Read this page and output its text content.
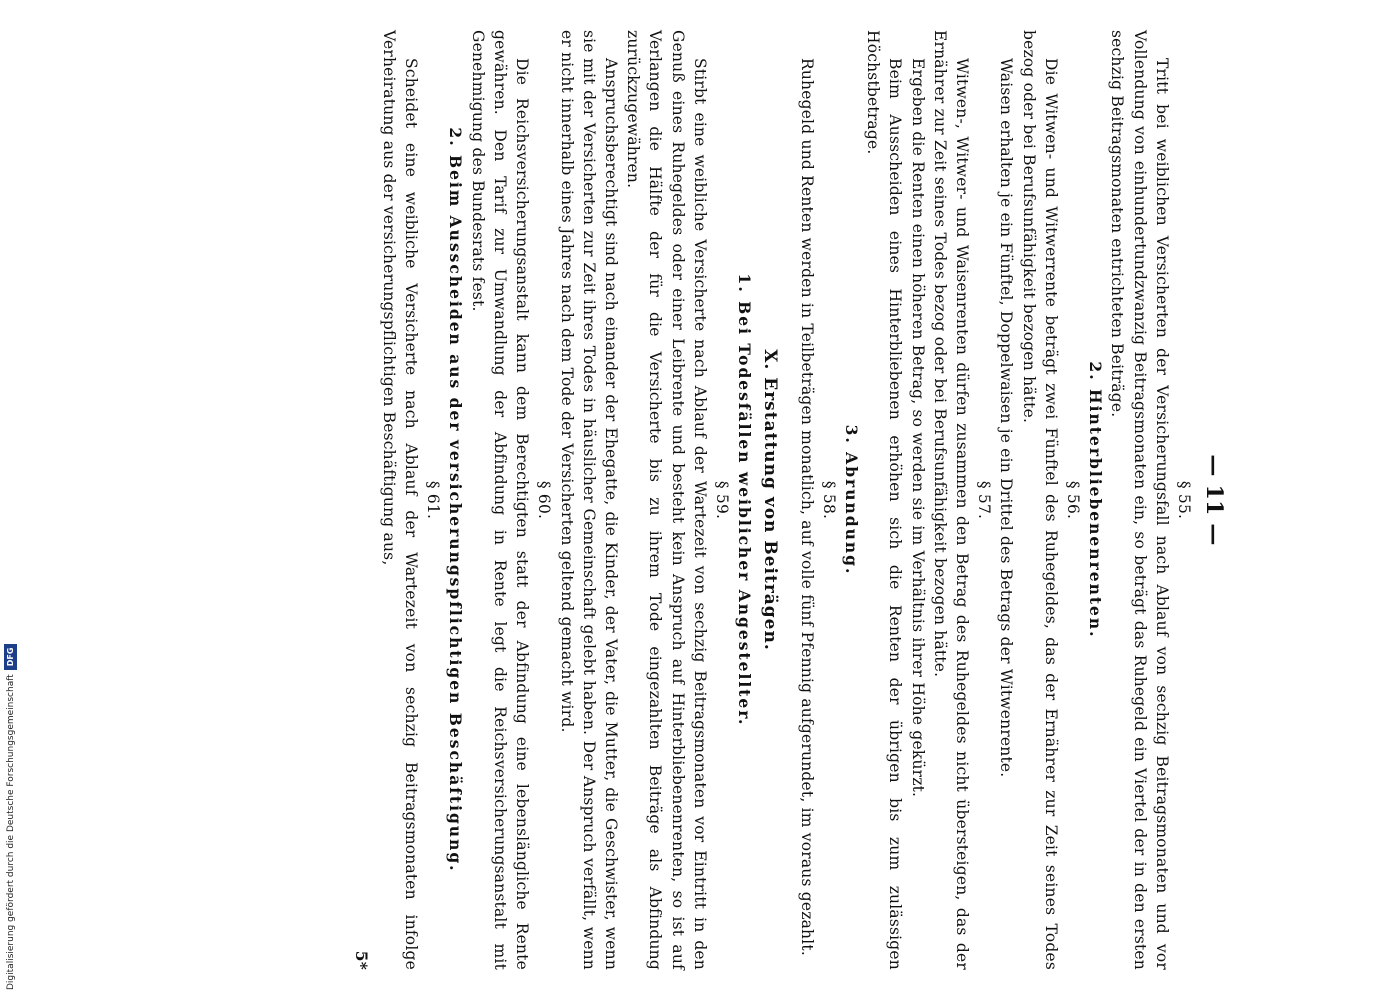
— 11 —

§ 55.

Tritt bei weiblichen Versicherten der Versicherungsfall nach Ablauf von sechzig Beitragsmonaten und vor Vollendung von einhundertundzwanzig Beitragsmonaten ein, so beträgt das Ruhegeld ein Viertel der in den ersten sechzig Beitragsmonaten entrichteten Beiträge.

2. Hinterbliebenenrenten.

§ 56.

Die Witwen- und Witwerrente beträgt zwei Fünftel des Ruhegeldes, das der Ernährer zur Zeit seines Todes bezog oder bei Berufsunfähigkeit bezogen hätte.

Waisen erhalten je ein Fünftel, Doppelwaisen je ein Drittel des Betrags der Witwenrente.

§ 57.

Witwen-, Witwer- und Waisenrenten dürfen zusammen den Betrag des Ruhegeldes nicht übersteigen, das der Ernährer zur Zeit seines Todes bezog oder bei Berufsunfähigkeit bezogen hätte.

Ergeben die Renten einen höheren Betrag, so werden sie im Verhältnis ihrer Höhe gekürzt.

Beim Ausscheiden eines Hinterbliebenen erhöhen sich die Renten der übrigen bis zum zulässigen Höchstbetrage.

3. Abrundung.

§ 58.

Ruhegeld und Renten werden in Teilbeträgen monatlich, auf volle fünf Pfennig aufgerundet, im voraus gezahlt.

X. Erstattung von Beiträgen.

1. Bei Todesfällen weiblicher Angestellter.

§ 59.

Stirbt eine weibliche Versicherte nach Ablauf der Wartezeit von sechzig Beitragsmonaten vor Eintritt in den Genuß eines Ruhegeldes oder einer Leibrente und besteht kein Anspruch auf Hinterbliebenenrenten, so ist auf Verlangen die Hälfte der für die Versicherte bis zu ihrem Tode eingezahlten Beiträge als Abfindung zurückzugewähren.

Anspruchsberechtigt sind nach einander der Ehegatte, die Kinder, der Vater, die Mutter, die Geschwister, wenn sie mit der Versicherten zur Zeit ihres Todes in häuslicher Gemeinschaft gelebt haben. Der Anspruch verfällt, wenn er nicht innerhalb eines Jahres nach dem Tode der Versicherten geltend gemacht wird.

§ 60.

Die Reichsversicherungsanstalt kann dem Berechtigten statt der Abfindung eine lebenslängliche Rente gewähren. Den Tarif zur Umwandlung der Abfindung in Rente legt die Reichsversicherungsanstalt mit Genehmigung des Bundesrats fest.

2. Beim Ausscheiden aus der versicherungspflichtigen Beschäftigung.

§ 61.

Scheidet eine weibliche Versicherte nach Ablauf der Wartezeit von sechzig Beitragsmonaten infolge Verheiratung aus der versicherungspflichtigen Beschäftigung aus,

5*
Digitalisierung gefördert durch die Deutsche Forschungsgemeinschaft
DFG
